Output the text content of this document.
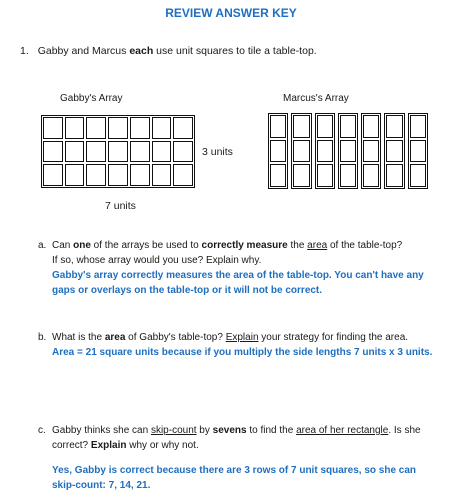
REVIEW ANSWER KEY
1. Gabby and Marcus each use unit squares to tile a table-top.
Gabby's Array	Marcus's Array
3 units
7 units
a. Can one of the arrays be used to correctly measure the area of the table-top?
If so, whose array would you use? Explain why.
Gabby's array correctly measures the area of the table-top. You can't have any gaps or overlays on the table-top or it will not be correct.
b. What is the area of Gabby's table-top? Explain your strategy for finding the area.
Area = 21 square units because if you multiply the side lengths 7 units x 3 units.
c. Gabby thinks she can skip-count by sevens to find the area of her rectangle. Is she correct? Explain why or why not.
Yes, Gabby is correct because there are 3 rows of 7 unit squares, so she can skip-count: 7, 14, 21.
